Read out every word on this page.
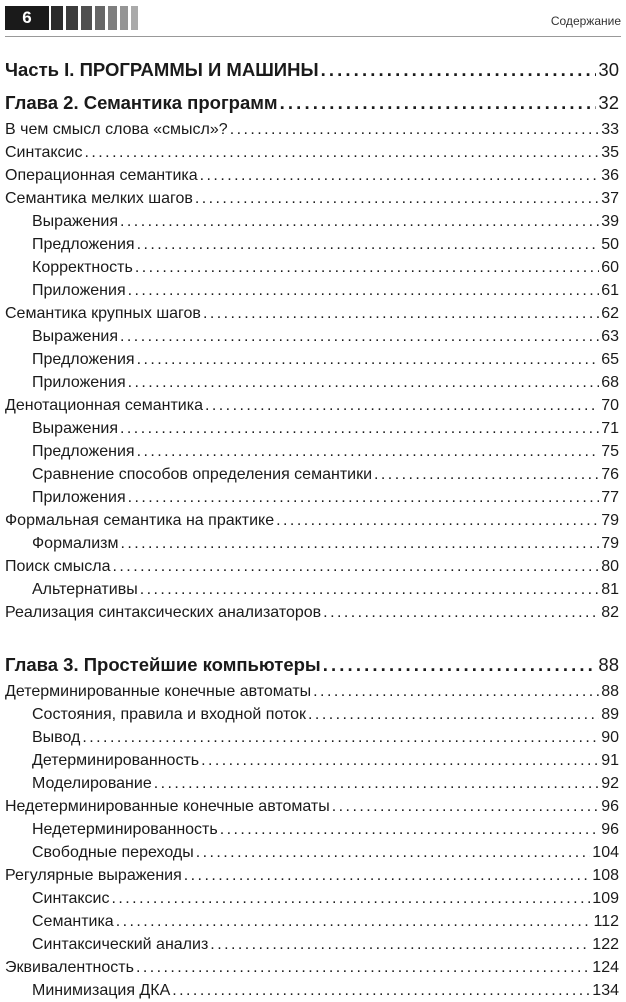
6	Содержание
Часть I. ПРОГРАММЫ И МАШИНЫ . . .	30
Глава 2. Семантика программ . . .	32
В чем смысл слова «смысл»? . . .	33
Синтаксис . . .	35
Операционная семантика . . .	36
Семантика мелких шагов . . .	37
Выражения . . .	39
Предложения . . .	50
Корректность . . .	60
Приложения . . .	61
Семантика крупных шагов . . .	62
Выражения . . .	63
Предложения . . .	65
Приложения . . .	68
Денотационная семантика . . .	70
Выражения . . .	71
Предложения . . .	75
Сравнение способов определения семантики . . .	76
Приложения . . .	77
Формальная семантика на практике . . .	79
Формализм . . .	79
Поиск смысла . . .	80
Альтернативы . . .	81
Реализация синтаксических анализаторов . . .	82
Глава 3. Простейшие компьютеры . . .	88
Детерминированные конечные автоматы . . .	88
Состояния, правила и входной поток . . .	89
Вывод . . .	90
Детерминированность . . .	91
Моделирование . . .	92
Недетерминированные конечные автоматы . . .	96
Недетерминированность . . .	96
Свободные переходы . . .	104
Регулярные выражения . . .	108
Синтаксис . . .	109
Семантика . . .	112
Синтаксический анализ . . .	122
Эквивалентность . . .	124
Минимизация ДКА . . .	134
